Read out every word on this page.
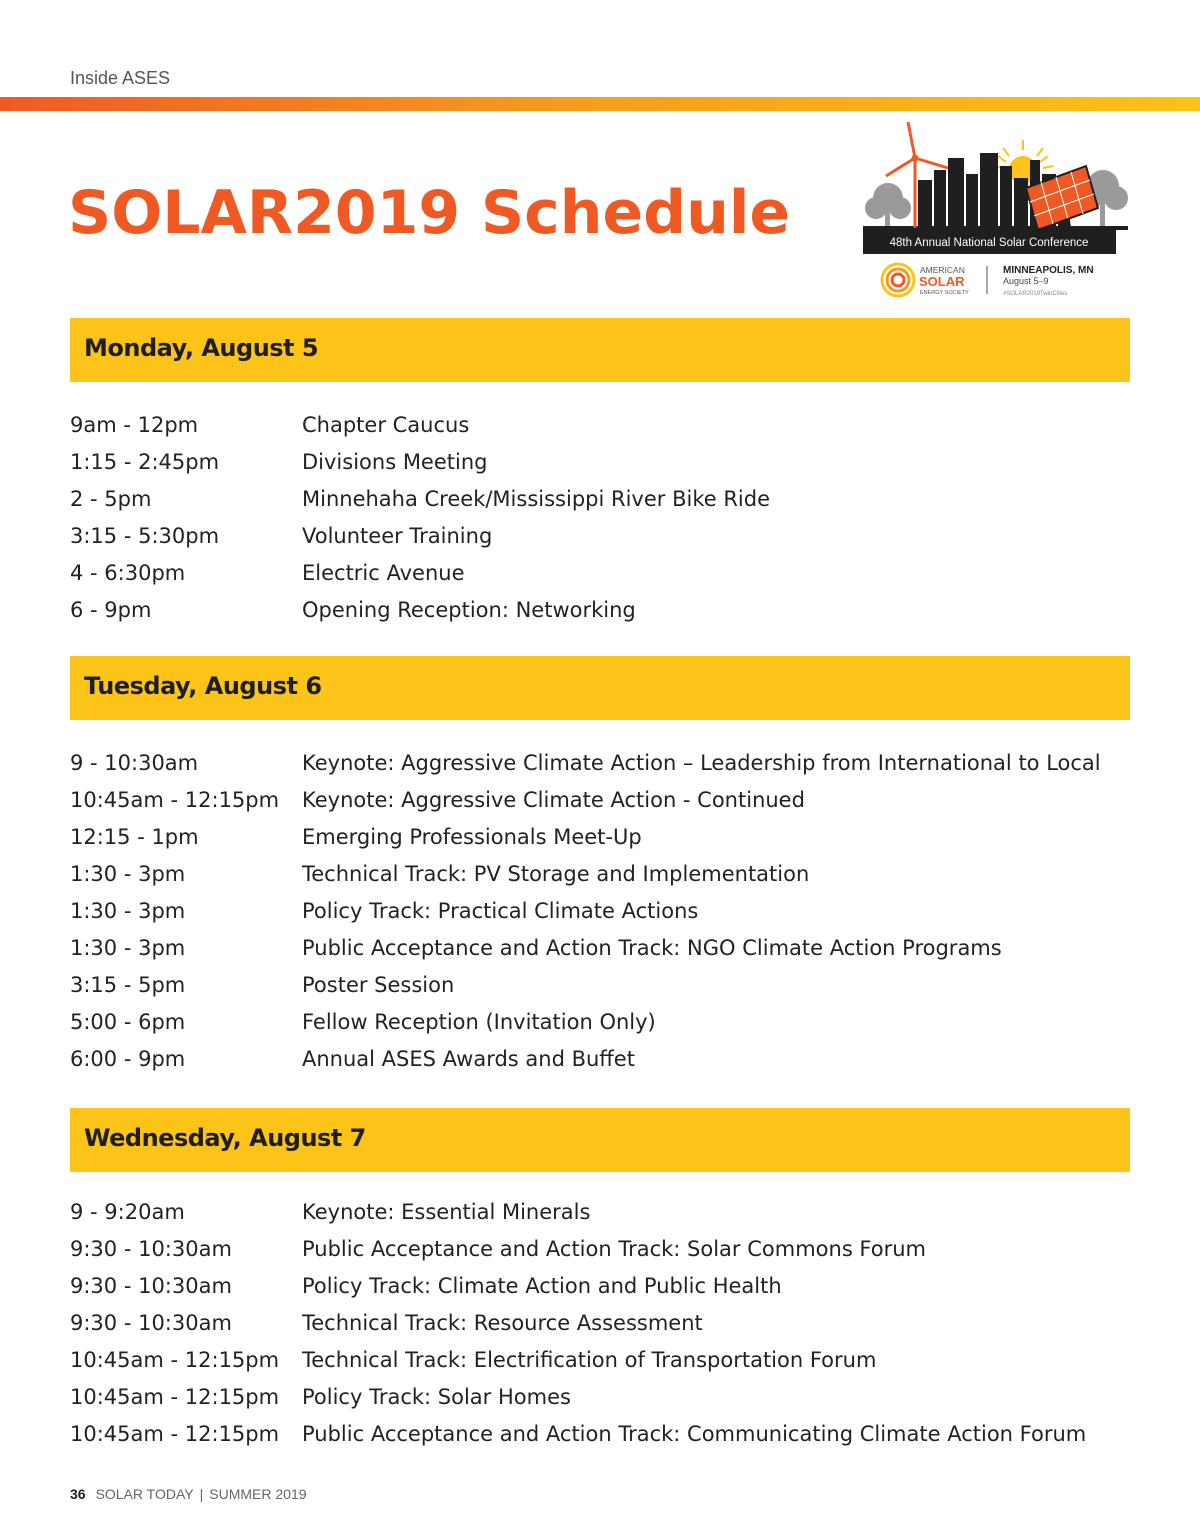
Inside ASES
SOLAR2019 Schedule	48th Annual National Solar Conference
AMERICAN
SOLAR
ENERGY SOCIETY
MINNEAPOLIS, MN
August 5–9
#SOLAR2019TwinCities
Monday, August 5
9am - 12pm	Chapter Caucus
1:15 - 2:45pm	Divisions Meeting
2 - 5pm	Minnehaha Creek/Mississippi River Bike Ride
3:15 - 5:30pm	Volunteer Training
4 - 6:30pm	Electric Avenue
6 - 9pm	Opening Reception: Networking
Tuesday, August 6
9 - 10:30am	Keynote: Aggressive Climate Action – Leadership from International to Local
10:45am - 12:15pm	Keynote: Aggressive Climate Action - Continued
12:15 - 1pm	Emerging Professionals Meet-Up
1:30 - 3pm	Technical Track: PV Storage and Implementation
1:30 - 3pm	Policy Track: Practical Climate Actions
1:30 - 3pm	Public Acceptance and Action Track: NGO Climate Action Programs
3:15 - 5pm	Poster Session
5:00 - 6pm	Fellow Reception (Invitation Only)
6:00 - 9pm	Annual ASES Awards and Buffet
Wednesday, August 7
9 - 9:20am	Keynote: Essential Minerals
9:30 - 10:30am	Public Acceptance and Action Track: Solar Commons Forum
9:30 - 10:30am	Policy Track: Climate Action and Public Health
9:30 - 10:30am	Technical Track: Resource Assessment
10:45am - 12:15pm	Technical Track: Electrification of Transportation Forum
10:45am - 12:15pm	Policy Track: Solar Homes
10:45am - 12:15pm	Public Acceptance and Action Track: Communicating Climate Action Forum
36 SOLAR TODAY | SUMMER 2019
